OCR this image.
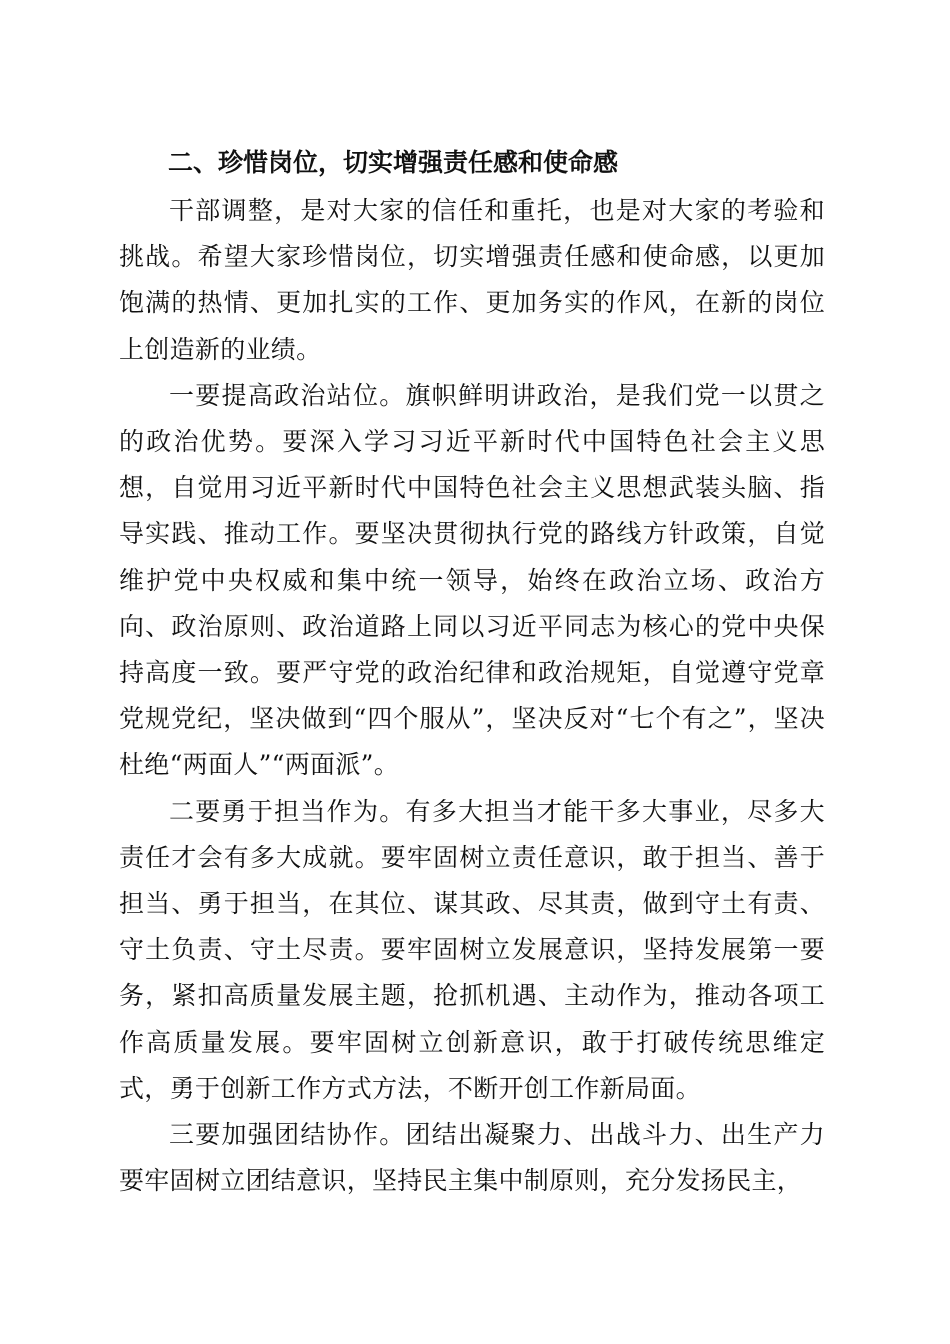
二、珍惜岗位，切实增强责任感和使命感

干部调整，是对大家的信任和重托，也是对大家的考验和挑战。希望大家珍惜岗位，切实增强责任感和使命感，以更加饱满的热情、更加扎实的工作、更加务实的作风，在新的岗位上创造新的业绩。

一要提高政治站位。旗帜鲜明讲政治，是我们党一以贯之的政治优势。要深入学习习近平新时代中国特色社会主义思想，自觉用习近平新时代中国特色社会主义思想武装头脑、指导实践、推动工作。要坚决贯彻执行党的路线方针政策，自觉维护党中央权威和集中统一领导，始终在政治立场、政治方向、政治原则、政治道路上同以习近平同志为核心的党中央保持高度一致。要严守党的政治纪律和政治规矩，自觉遵守党章党规党纪，坚决做到“四个服从”，坚决反对“七个有之”，坚决杜绝“两面人”“两面派”。

二要勇于担当作为。有多大担当才能干多大事业，尽多大责任才会有多大成就。要牢固树立责任意识，敢于担当、善于担当、勇于担当，在其位、谋其政、尽其责，做到守土有责、守土负责、守土尽责。要牢固树立发展意识，坚持发展第一要务，紧扣高质量发展主题，抢抓机遇、主动作为，推动各项工作高质量发展。要牢固树立创新意识，敢于打破传统思维定式，勇于创新工作方式方法，不断开创工作新局面。

三要加强团结协作。团结出凝聚力、出战斗力、出生产力要牢固树立团结意识，坚持民主集中制原则，充分发扬民主，
